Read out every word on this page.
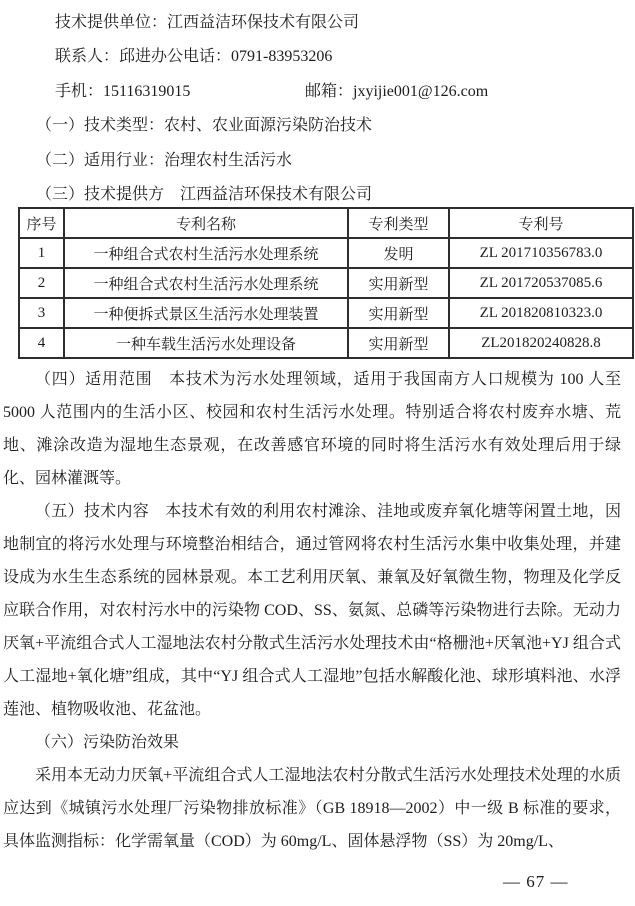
技术提供单位：江西益洁环保技术有限公司
联系人：邱进办公电话：0791-83953206
手机：15116319015	邮箱：jxyijie001@126.com
（一）技术类型：农村、农业面源污染防治技术
（二）适用行业：治理农村生活污水
（三）技术提供方　江西益洁环保技术有限公司
序号	专利名称	专利类型	专利号
1	一种组合式农村生活污水处理系统	发明	ZL 201710356783.0
2	一种组合式农村生活污水处理系统	实用新型	ZL 201720537085.6
3	一种便拆式景区生活污水处理装置	实用新型	ZL 201820810323.0
4	一种车载生活污水处理设备	实用新型	ZL201820240828.8

（四）适用范围　本技术为污水处理领域，适用于我国南方人口规模为 100 人至 5000 人范围内的生活小区、校园和农村生活污水处理。特别适合将农村废弃水塘、荒地、滩涂改造为湿地生态景观，在改善感官环境的同时将生活污水有效处理后用于绿化、园林灌溉等。

（五）技术内容　本技术有效的利用农村滩涂、洼地或废弃氧化塘等闲置土地，因地制宜的将污水处理与环境整治相结合，通过管网将农村生活污水集中收集处理，并建设成为水生生态系统的园林景观。本工艺利用厌氧、兼氧及好氧微生物，物理及化学反应联合作用，对农村污水中的污染物 COD、SS、氨氮、总磷等污染物进行去除。无动力厌氧+平流组合式人工湿地法农村分散式生活污水处理技术由“格栅池+厌氧池+YJ 组合式人工湿地+氧化塘”组成，其中“YJ 组合式人工湿地”包括水解酸化池、球形填料池、水浮莲池、植物吸收池、花盆池。

（六）污染防治效果

采用本无动力厌氧+平流组合式人工湿地法农村分散式生活污水处理技术处理的水质应达到《城镇污水处理厂污染物排放标准》（GB 18918—2002）中一级 B 标准的要求，具体监测指标：化学需氧量（COD）为 60mg/L、固体悬浮物（SS）为 20mg/L、

— 67 —
